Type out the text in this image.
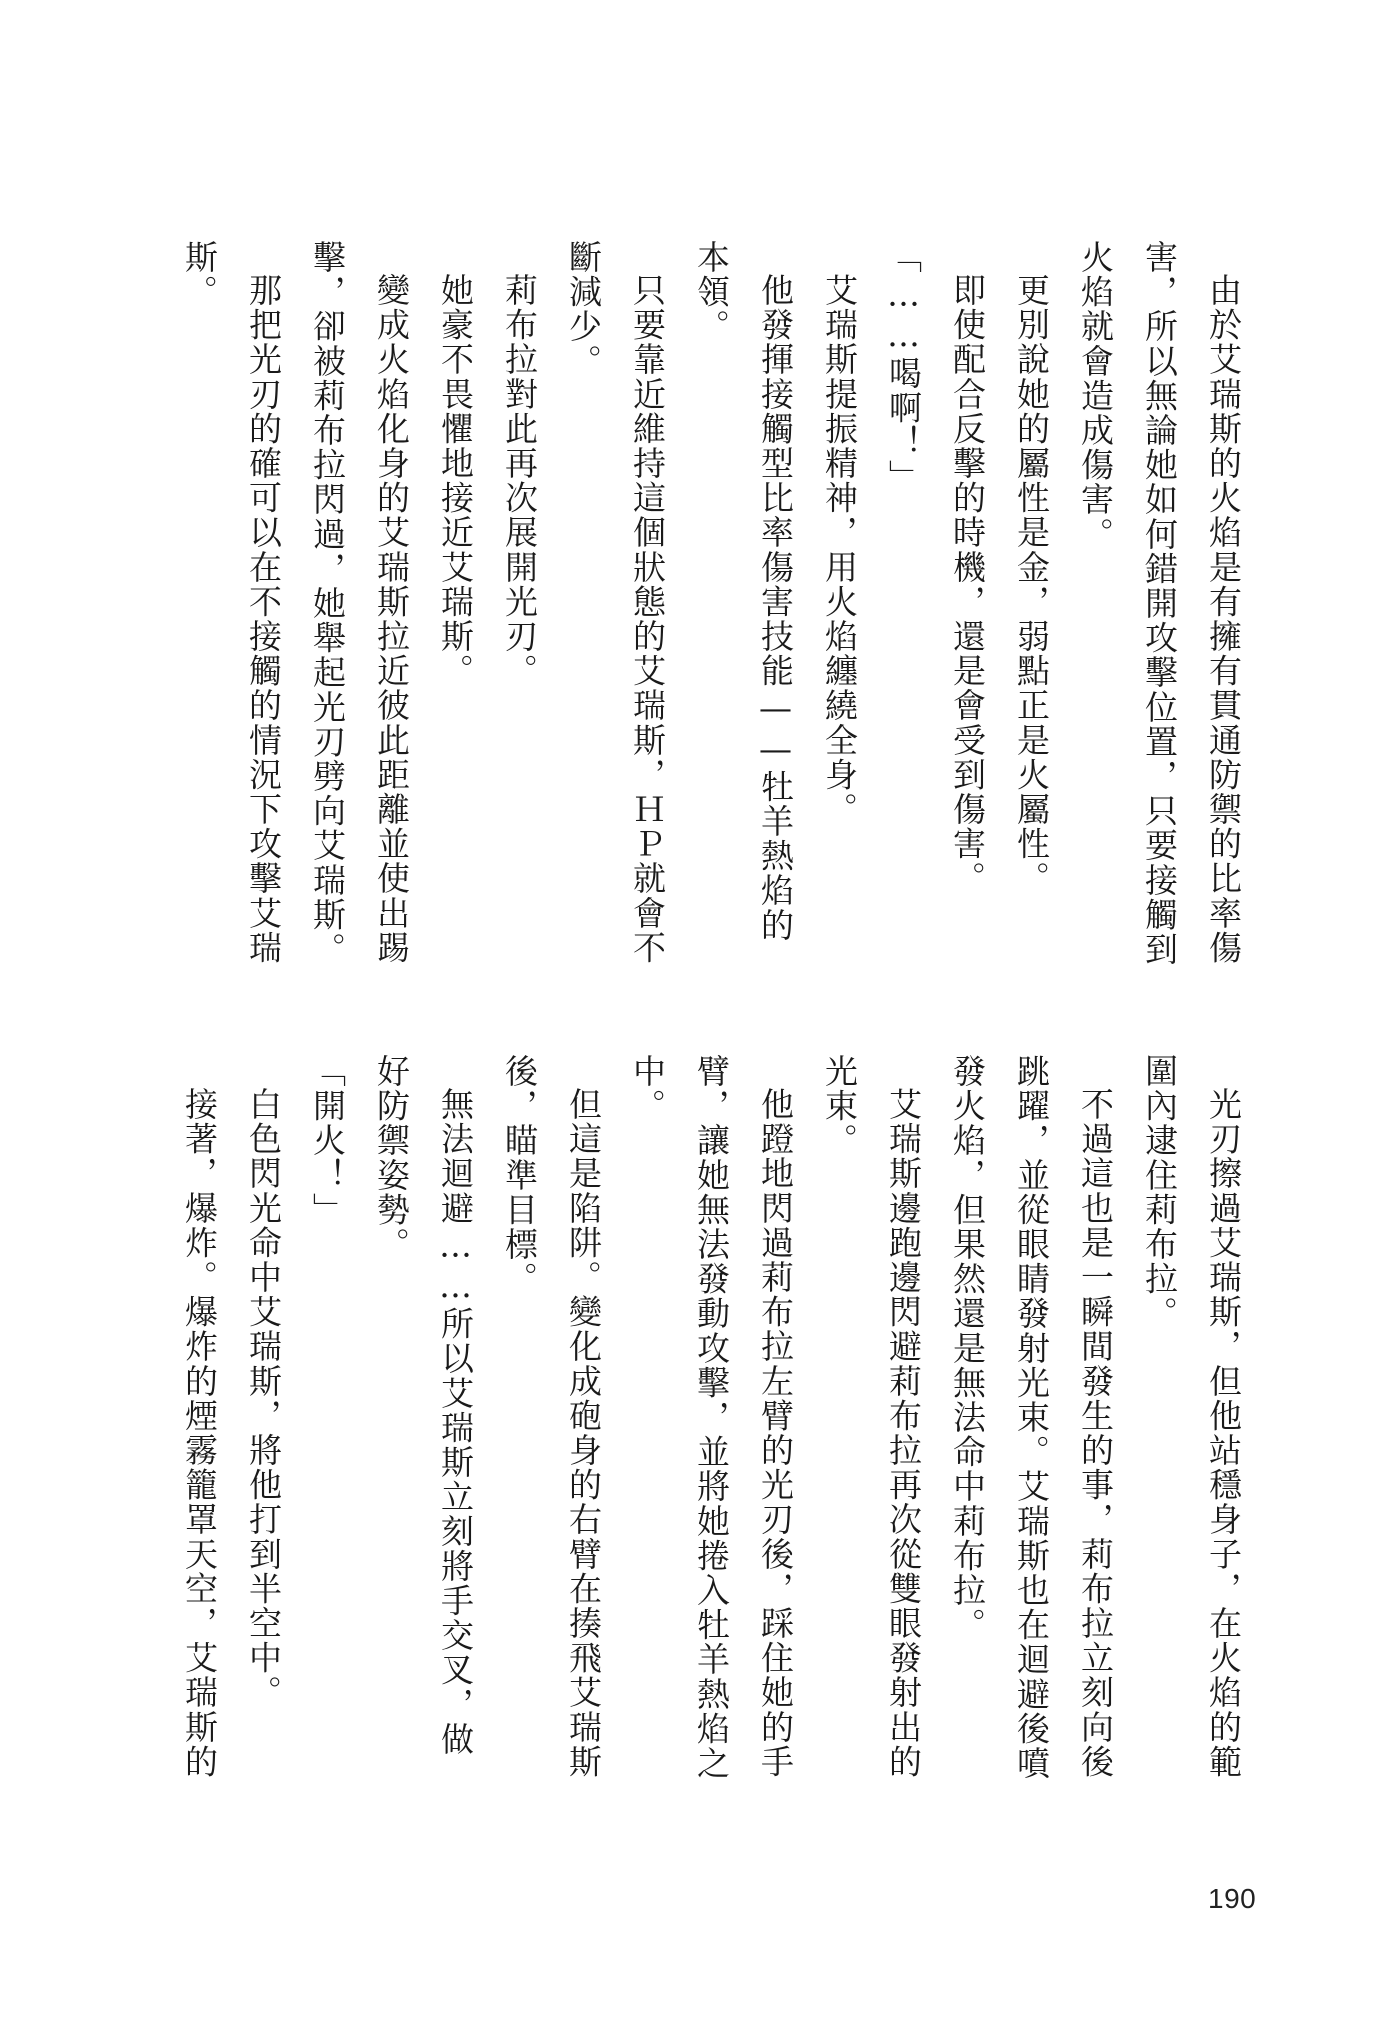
由於艾瑞斯的火焰是有擁有貫通防禦的比率傷害，所以無論她如何錯開攻擊位置，只要接觸到火焰就會造成傷害。

更別說她的屬性是金，弱點正是火屬性。

即使配合反擊的時機，還是會受到傷害。

「……喝啊！」

艾瑞斯提振精神，用火焰纏繞全身。

他發揮接觸型比率傷害技能——牡羊熱焰的本領。

只要靠近維持這個狀態的艾瑞斯，ＨＰ就會不斷減少。

莉布拉對此再次展開光刃。

她豪不畏懼地接近艾瑞斯。

變成火焰化身的艾瑞斯拉近彼此距離並使出踢擊，卻被莉布拉閃過，她舉起光刃劈向艾瑞斯。

那把光刃的確可以在不接觸的情況下攻擊艾瑞斯。

光刃擦過艾瑞斯，但他站穩身子，在火焰的範圍內逮住莉布拉。

不過這也是一瞬間發生的事，莉布拉立刻向後跳躍，並從眼睛發射光束。艾瑞斯也在迴避後噴發火焰，但果然還是無法命中莉布拉。

艾瑞斯邊跑邊閃避莉布拉再次從雙眼發射出的光束。

他蹬地閃過莉布拉左臂的光刃後，踩住她的手臂，讓她無法發動攻擊，並將她捲入牡羊熱焰之中。

但這是陷阱。變化成砲身的右臂在揍飛艾瑞斯後，瞄準目標。

無法迴避……所以艾瑞斯立刻將手交叉，做好防禦姿勢。

「開火！」

白色閃光命中艾瑞斯，將他打到半空中。

接著，爆炸。爆炸的煙霧籠罩天空，艾瑞斯的

190
